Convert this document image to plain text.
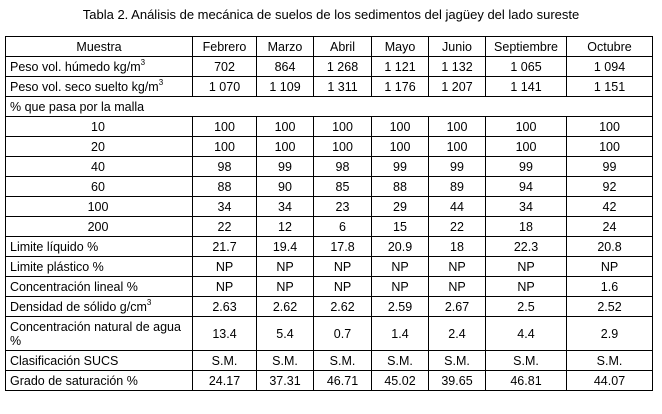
Tabla 2. Análisis de mecánica de suelos de los sedimentos del jagüey del lado sureste
Muestra	Febrero	Marzo	Abril	Mayo	Junio	Septiembre	Octubre
Peso vol. húmedo $kg/m^3$	702	864	1 268	1 121	1 132	1 065	1 094
Peso vol. seco suelto $kg/m^3$	1 070	1 109	1 311	1 176	1 207	1 141	1 151
% que pasa por la malla							
10	100	100	100	100	100	100	100
20	100	100	100	100	100	100	100
40	98	99	98	99	99	99	99
60	88	90	85	88	89	94	92
100	34	34	23	29	44	34	42
200	22	12	6	15	22	18	24
Limite líquido %	21.7	19.4	17.8	20.9	18	22.3	20.8
Limite plástico %	NP	NP	NP	NP	NP	NP	NP
Concentración lineal %	NP	NP	NP	NP	NP	NP	1.6
Densidad de sólido $g/cm^3$	2.63	2.62	2.62	2.59	2.67	2.5	2.52
Concentración natural de agua %	13.4	5.4	0.7	1.4	2.4	4.4	2.9
Clasificación SUCS	S.M.	S.M.	S.M.	S.M.	S.M.	S.M.	S.M.
Grado de saturación %	24.17	37.31	46.71	45.02	39.65	46.81	44.07
